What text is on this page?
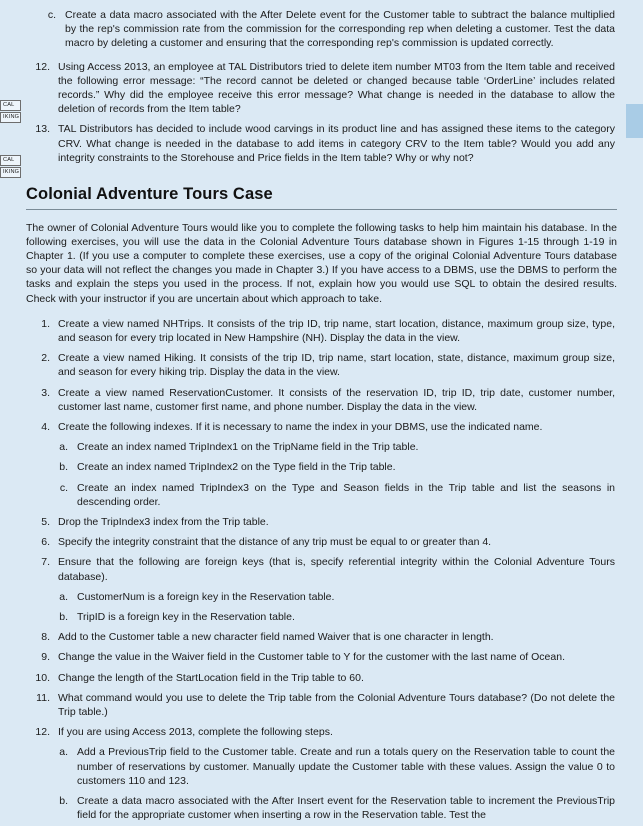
CAL
IKING
CAL
IKING
c. Create a data macro associated with the After Delete event for the Customer table to subtract the balance multiplied by the rep's commission rate from the commission for the corresponding rep when deleting a customer. Test the data macro by deleting a customer and ensuring that the corresponding rep's commission is updated correctly.
12. Using Access 2013, an employee at TAL Distributors tried to delete item number MT03 from the Item table and received the following error message: “The record cannot be deleted or changed because table ‘OrderLine’ includes related records.” Why did the employee receive this error message? What change is needed in the database to allow the deletion of records from the Item table?
13. TAL Distributors has decided to include wood carvings in its product line and has assigned these items to the category CRV. What change is needed in the database to add items in category CRV to the Item table? Would you add any integrity constraints to the Storehouse and Price fields in the Item table? Why or why not?
Colonial Adventure Tours Case

The owner of Colonial Adventure Tours would like you to complete the following tasks to help him maintain his database. In the following exercises, you will use the data in the Colonial Adventure Tours database shown in Figures 1-15 through 1-19 in Chapter 1. (If you use a computer to complete these exercises, use a copy of the original Colonial Adventure Tours database so your data will not reflect the changes you made in Chapter 3.) If you have access to a DBMS, use the DBMS to perform the tasks and explain the steps you used in the process. If not, explain how you would use SQL to obtain the desired results. Check with your instructor if you are uncertain about which approach to take.

1. Create a view named NHTrips. It consists of the trip ID, trip name, start location, distance, maximum group size, type, and season for every trip located in New Hampshire (NH). Display the data in the view.
2. Create a view named Hiking. It consists of the trip ID, trip name, start location, state, distance, maximum group size, and season for every hiking trip. Display the data in the view.
3. Create a view named ReservationCustomer. It consists of the reservation ID, trip ID, trip date, customer number, customer last name, customer first name, and phone number. Display the data in the view.
4. Create the following indexes. If it is necessary to name the index in your DBMS, use the indicated name.
a. Create an index named TripIndex1 on the TripName field in the Trip table.
b. Create an index named TripIndex2 on the Type field in the Trip table.
c. Create an index named TripIndex3 on the Type and Season fields in the Trip table and list the seasons in descending order.
5. Drop the TripIndex3 index from the Trip table.
6. Specify the integrity constraint that the distance of any trip must be equal to or greater than 4.
7. Ensure that the following are foreign keys (that is, specify referential integrity within the Colonial Adventure Tours database).
a. CustomerNum is a foreign key in the Reservation table.
b. TripID is a foreign key in the Reservation table.
8. Add to the Customer table a new character field named Waiver that is one character in length.
9. Change the value in the Waiver field in the Customer table to Y for the customer with the last name of Ocean.
10. Change the length of the StartLocation field in the Trip table to 60.
11. What command would you use to delete the Trip table from the Colonial Adventure Tours database? (Do not delete the Trip table.)
12. If you are using Access 2013, complete the following steps.
a. Add a PreviousTrip field to the Customer table. Create and run a totals query on the Reservation table to count the number of reservations by customer. Manually update the Customer table with these values. Assign the value 0 to customers 110 and 123.
b. Create a data macro associated with the After Insert event for the Reservation table to increment the PreviousTrip field for the appropriate customer when inserting a row in the Reservation table. Test the
